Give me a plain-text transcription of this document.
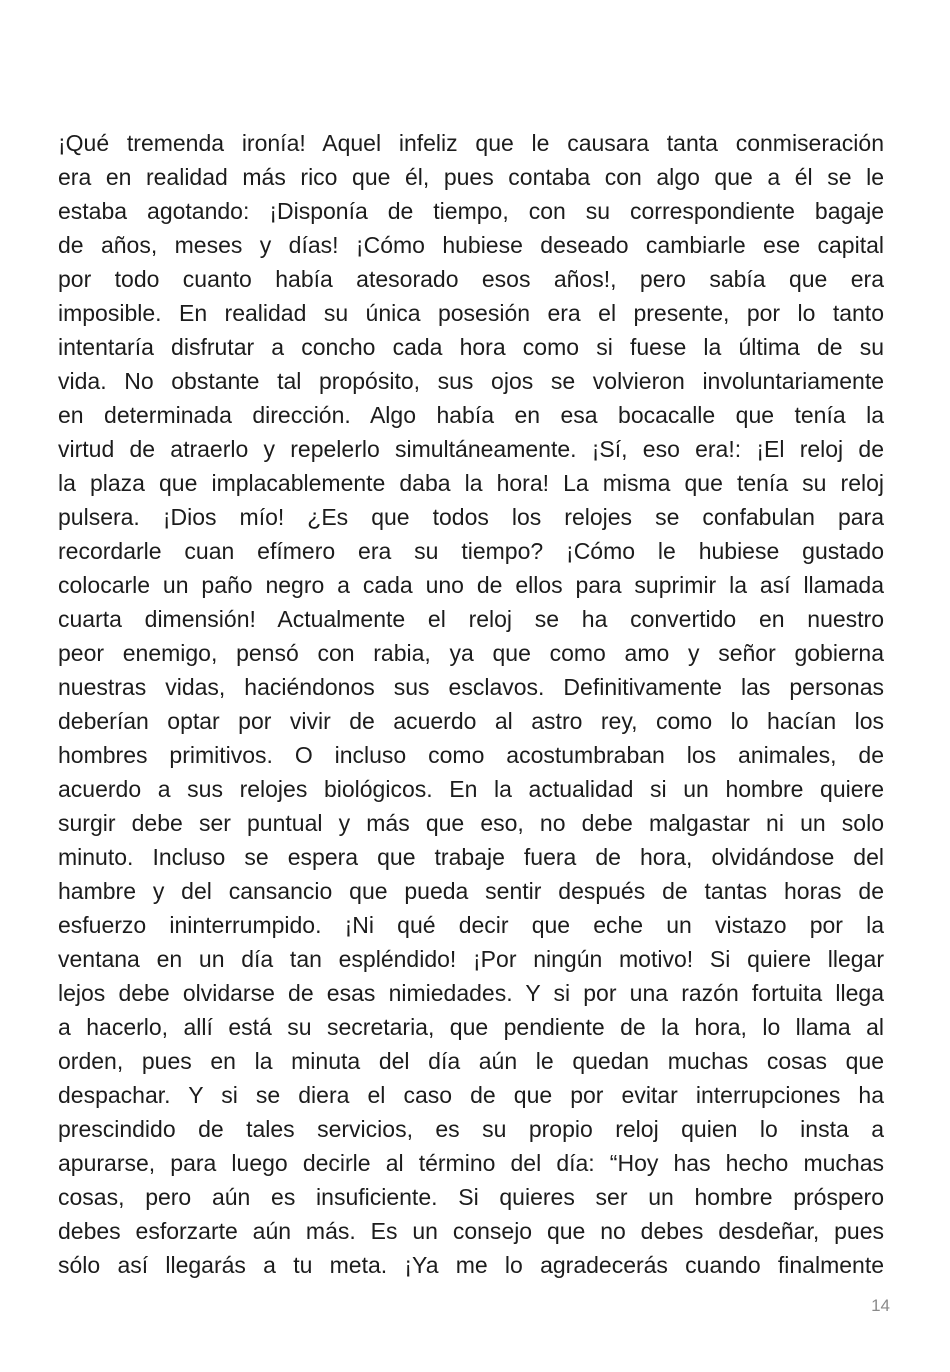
¡Qué tremenda ironía! Aquel infeliz que le causara tanta conmiseración
era en realidad más rico que él, pues contaba con algo que a él se le
estaba agotando: ¡Disponía de tiempo, con su correspondiente bagaje
de años, meses y días! ¡Cómo hubiese deseado cambiarle ese capital
por todo cuanto había atesorado esos años!, pero sabía que era
imposible. En realidad su única posesión era el presente, por lo tanto
intentaría disfrutar a concho cada hora como si fuese la última de su
vida. No obstante tal propósito, sus ojos se volvieron involuntariamente
en determinada dirección. Algo había en esa bocacalle que tenía la
virtud de atraerlo y repelerlo simultáneamente. ¡Sí, eso era!: ¡El reloj de
la plaza que implacablemente daba la hora! La misma que tenía su reloj
pulsera. ¡Dios mío! ¿Es que todos los relojes se confabulan para
recordarle cuan efímero era su tiempo? ¡Cómo le hubiese gustado
colocarle un paño negro a cada uno de ellos para suprimir la así llamada
cuarta dimensión! Actualmente el reloj se ha convertido en nuestro
peor enemigo, pensó con rabia, ya que como amo y señor gobierna
nuestras vidas, haciéndonos sus esclavos. Definitivamente las personas
deberían optar por vivir de acuerdo al astro rey, como lo hacían los
hombres primitivos. O incluso como acostumbraban los animales, de
acuerdo a sus relojes biológicos. En la actualidad si un hombre quiere
surgir debe ser puntual y más que eso, no debe malgastar ni un solo
minuto. Incluso se espera que trabaje fuera de hora, olvidándose del
hambre y del cansancio que pueda sentir después de tantas horas de
esfuerzo ininterrumpido. ¡Ni qué decir que eche un vistazo por la
ventana en un día tan espléndido! ¡Por ningún motivo! Si quiere llegar
lejos debe olvidarse de esas nimiedades. Y si por una razón fortuita llega
a hacerlo, allí está su secretaria, que pendiente de la hora, lo llama al
orden, pues en la minuta del día aún le quedan muchas cosas que
despachar. Y si se diera el caso de que por evitar interrupciones ha
prescindido de tales servicios, es su propio reloj quien lo insta a
apurarse, para luego decirle al término del día: “Hoy has hecho muchas
cosas, pero aún es insuficiente. Si quieres ser un hombre próspero
debes esforzarte aún más. Es un consejo que no debes desdeñar, pues
sólo así llegarás a tu meta. ¡Ya me lo agradecerás cuando finalmente
14
